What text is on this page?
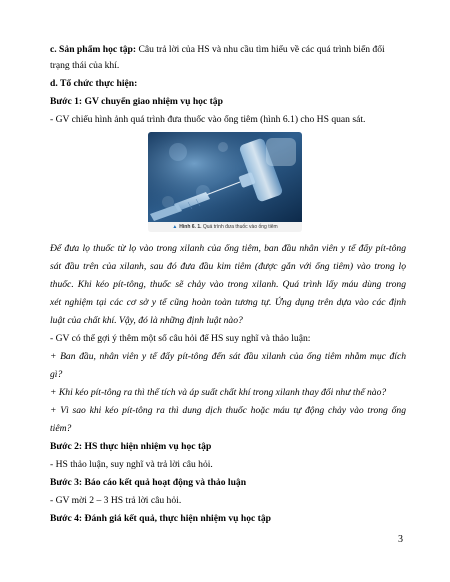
c. Sản phẩm học tập: Câu trả lời của HS và nhu cầu tìm hiểu về các quá trình biến đổi
trạng thái của khí.
d. Tổ chức thực hiện:
Bước 1: GV chuyển giao nhiệm vụ học tập
- GV chiếu hình ảnh quá trình đưa thuốc vào ống tiêm (hình 6.1) cho HS quan sát.
▲ Hình 6. 1. Quá trình đưa thuốc vào ống tiêm
Để đưa lọ thuốc từ lọ vào trong xilanh của ống tiêm, ban đầu nhân viên y tế đẩy pít-tông
sát đầu trên của xilanh, sau đó đưa đầu kim tiêm (được gắn với ống tiêm) vào trong lọ
thuốc. Khi kéo pít-tông, thuốc sẽ chảy vào trong xilanh. Quá trình lấy máu dùng trong
xét nghiệm tại các cơ sở y tế cũng hoàn toàn tương tự. Ứng dụng trên dựa vào các định
luật của chất khí. Vậy, đó là những định luật nào?
- GV có thể gợi ý thêm một số câu hỏi để HS suy nghĩ và thảo luận:
+ Ban đầu, nhân viên y tế đẩy pít-tông đến sát đầu xilanh của ống tiêm nhằm mục đích
gì?
+ Khi kéo pít-tông ra thì thể tích và áp suất chất khí trong xilanh thay đổi như thế nào?
+ Vì sao khi kéo pít-tông ra thì dung dịch thuốc hoặc máu tự động chảy vào trong ống
tiêm?
Bước 2: HS thực hiện nhiệm vụ học tập
- HS thảo luận, suy nghĩ và trả lời câu hỏi.
Bước 3: Báo cáo kết quả hoạt động và thảo luận
- GV mời 2 – 3 HS trả lời câu hỏi.
Bước 4: Đánh giá kết quả, thực hiện nhiệm vụ học tập
3
